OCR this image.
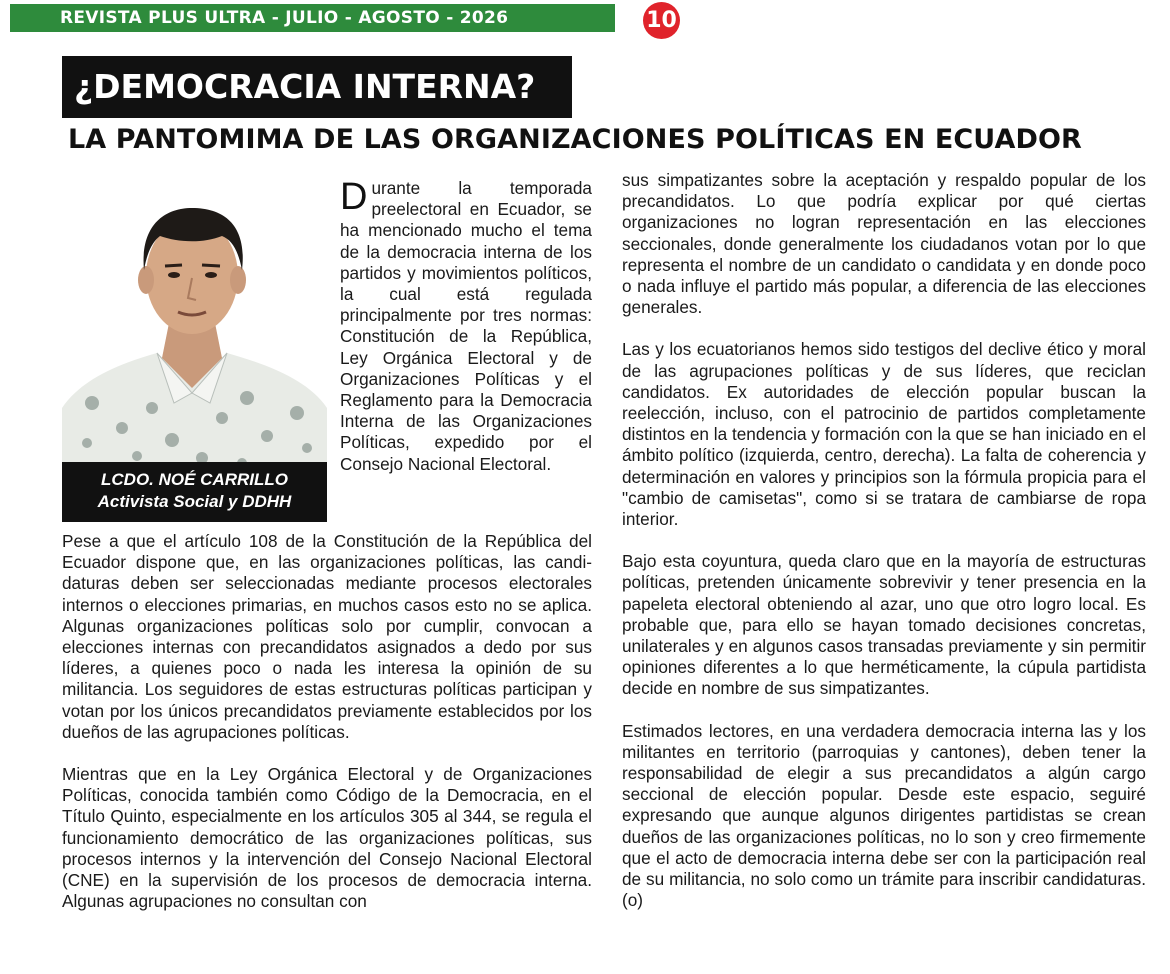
REVISTA PLUS ULTRA - JULIO - AGOSTO - 2026	10
¿DEMOCRACIA INTERNA?
LA PANTOMIMA DE LAS ORGANIZACIONES POLÍTICAS EN ECUADOR
LCDO. NOÉ CARRILLO
Activista Social y DDHH
Durante la temporada preelectoral en Ecuador, se ha mencionado mucho el tema de la democracia interna de los partidos y movimientos políticos, la cual está regulada principalmente por tres normas: Constitución de la República, Ley Orgánica Electoral y de Organizaciones Políticas y el Reglamento para la Democracia Interna de las Organizaciones Políticas, expedido por el Consejo Nacional Electoral.

Pese a que el artículo 108 de la Constitución de la República del Ecuador dispone que, en las organizaciones políticas, las candidaturas deben ser seleccionadas mediante procesos electorales internos o elecciones primarias, en muchos casos esto no se aplica. Algunas organizaciones políticas solo por cumplir, convocan a elecciones internas con precandidatos asignados a dedo por sus líderes, a quienes poco o nada les interesa la opinión de su militancia. Los seguidores de estas estructuras políticas participan y votan por los únicos precandidatos previamente establecidos por los dueños de las agrupaciones políticas.

Mientras que en la Ley Orgánica Electoral y de Organizaciones Políticas, conocida también como Código de la Democracia, en el Título Quinto, especialmente en los artículos 305 al 344, se regula el funcionamiento democrático de las organizaciones políticas, sus procesos internos y la intervención del Consejo Nacional Electoral (CNE) en la supervisión de los procesos de democracia interna. Algunas agrupaciones no consultan con

sus simpatizantes sobre la aceptación y respaldo popular de los precandidatos. Lo que podría explicar por qué ciertas organizaciones no logran representación en las elecciones seccionales, donde generalmente los ciudadanos votan por lo que representa el nombre de un candidato o candidata y en donde poco o nada influye el partido más popular, a diferencia de las elecciones generales.

Las y los ecuatorianos hemos sido testigos del declive ético y moral de las agrupaciones políticas y de sus líderes, que reciclan candidatos. Ex autoridades de elección popular buscan la reelección, incluso, con el patrocinio de partidos completamente distintos en la tendencia y formación con la que se han iniciado en el ámbito político (izquierda, centro, derecha). La falta de coherencia y determinación en valores y principios son la fórmula propicia para el "cambio de camisetas", como si se tratara de cambiarse de ropa interior.

Bajo esta coyuntura, queda claro que en la mayoría de estructuras políticas, pretenden únicamente sobrevivir y tener presencia en la papeleta electoral obteniendo al azar, uno que otro logro local. Es probable que, para ello se hayan tomado decisiones concretas, unilaterales y en algunos casos transadas previamente y sin permitir opiniones diferentes a lo que herméticamente, la cúpula partidista decide en nombre de sus simpatizantes.

Estimados lectores, en una verdadera democracia interna las y los militantes en territorio (parroquias y cantones), deben tener la responsabilidad de elegir a sus precandidatos a algún cargo seccional de elección popular. Desde este espacio, seguiré expresando que aunque algunos dirigentes partidistas se crean dueños de las organizaciones políticas, no lo son y creo firmemente que el acto de democracia interna debe ser con la participación real de su militancia, no solo como un trámite para inscribir candidaturas. (o)
